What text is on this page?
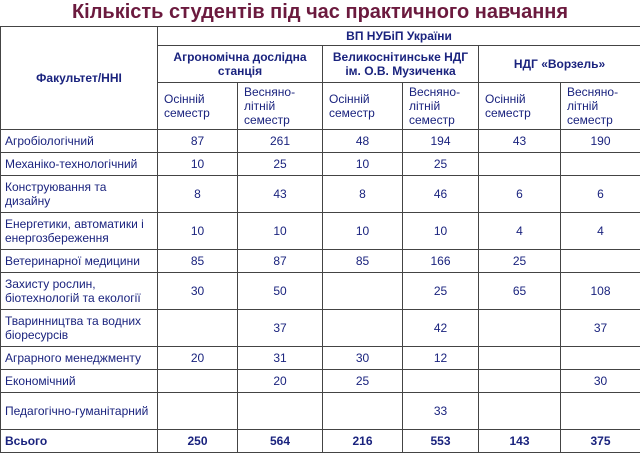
Кількість студентів під час практичного навчання
Факультет/ННІ	ВП НУБіП України					
	Агрономічна дослідна станція		Великоснітинське НДГ ім. О.В. Музиченка		НДГ «Ворзель»	
	Осінній семестр	Весняно-літній семестр	Осінній семестр	Весняно-літній семестр	Осінній семестр	Весняно-літній семестр
Агробіологічний	87	261	48	194	43	190
Механіко-технологічний	10	25	10	25		
Конструювання та дизайну	8	43	8	46	6	6
Енергетики, автоматики і енергозбереження	10	10	10	10	4	4
Ветеринарної медицини	85	87	85	166	25	
Захисту рослин, біотехнологій та екології	30	50		25	65	108
Тваринництва та водних біоресурсів		37		42		37
Аграрного менеджменту	20	31	30	12		
Економічний		20	25			30
Педагогічно-гуманітарний				33		
Всього	250	564	216	553	143	375
